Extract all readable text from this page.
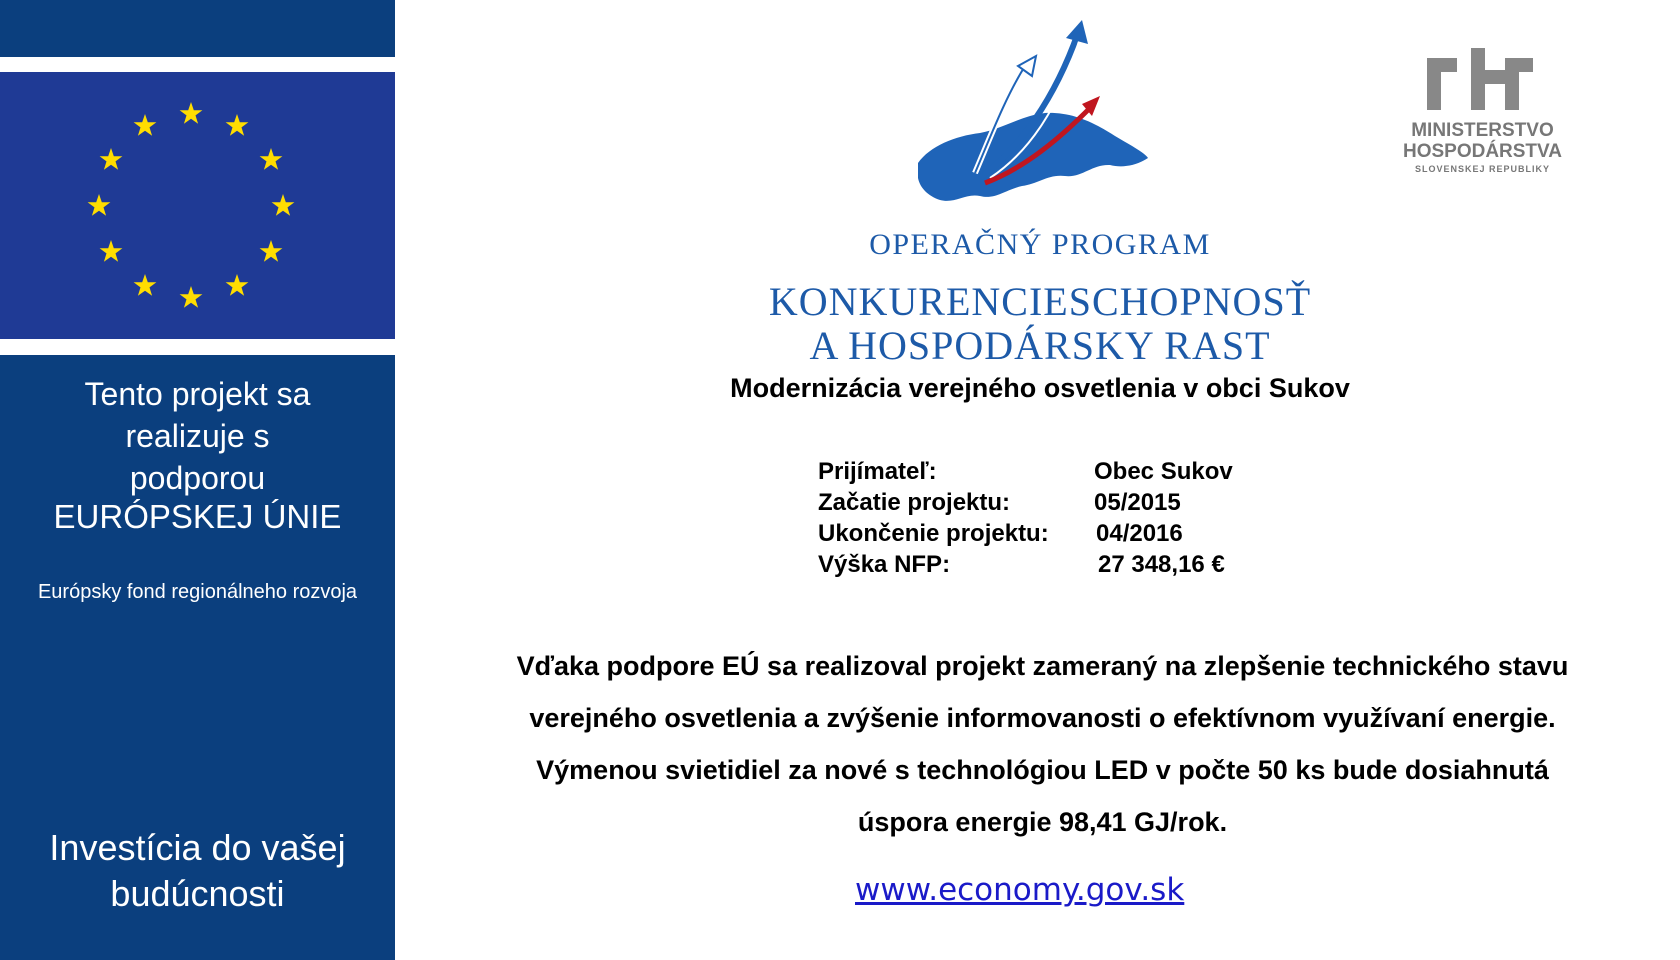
Tento projekt sa realizuje s podporou
EURÓPSKEJ ÚNIE
Európsky fond regionálneho rozvoja
Investícia do vašej budúcnosti
OPERAČNÝ PROGRAM
KONKURENCIESCHOPNOSŤ
A HOSPODÁRSKY RAST
MINISTERSTVO
HOSPODÁRSTVA
SLOVENSKEJ REPUBLIKY
Modernizácia verejného osvetlenia v obci Sukov
Prijímateľ:	Obec Sukov
Začatie projektu:	05/2015
Ukončenie projektu: 04/2016
Výška NFP:	27 348,16 €
Vďaka podpore EÚ sa realizoval projekt zameraný na zlepšenie technického stavu
verejného osvetlenia a zvýšenie informovanosti o efektívnom využívaní energie.
Výmenou svietidiel za nové s technológiou LED v počte 50 ks bude dosiahnutá
úspora energie 98,41 GJ/rok.
www.economy.gov.sk
